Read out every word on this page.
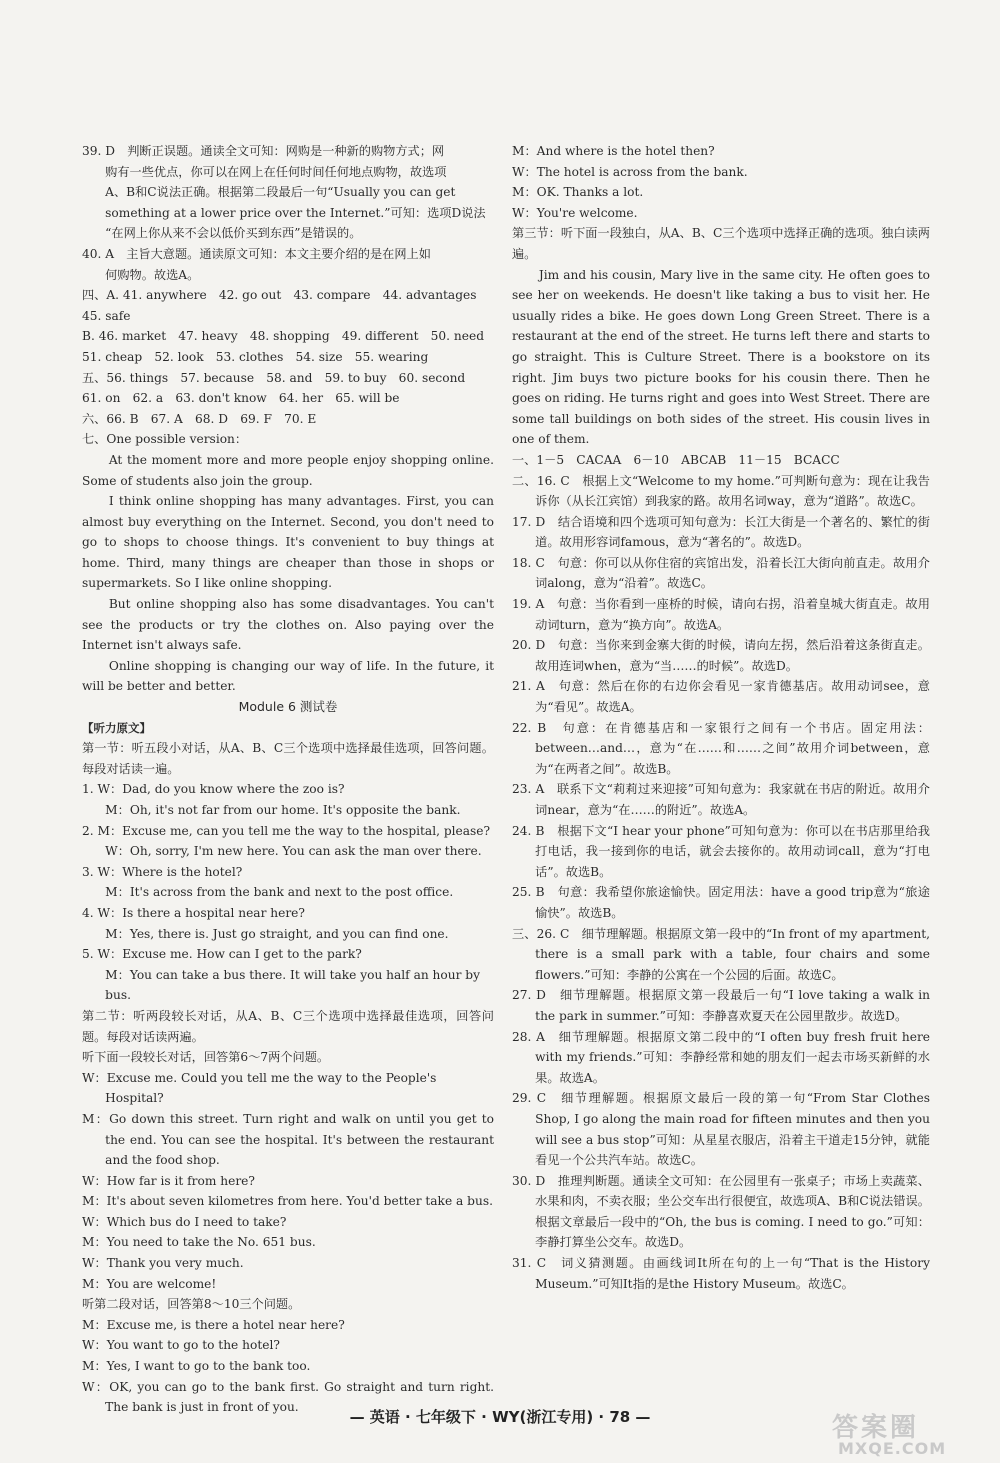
39. D　判断正误题。通读全文可知：网购是一种新的购物方式；网

购有一些优点，你可以在网上在任何时间任何地点购物，故选项

A、B和C说法正确。根据第二段最后一句“Usually you can get

something at a lower price over the Internet.”可知：选项D说法

“在网上你从来不会以低价买到东西”是错误的。

40. A　主旨大意题。通读原文可知：本文主要介绍的是在网上如

何购物。故选A。

四、A. 41. anywhere　42. go out　43. compare　44. advantages

45. safe

B. 46. market　47. heavy　48. shopping　49. different　50. need

51. cheap　52. look　53. clothes　54. size　55. wearing

五、56. things　57. because　58. and　59. to buy　60. second

61. on　62. a　63. don't know　64. her　65. will be

六、66. B　67. A　68. D　69. F　70. E

七、One possible version：

At the moment more and more people enjoy shopping online. Some of students also join the group.

I think online shopping has many advantages. First, you can almost buy everything on the Internet. Second, you don't need to go to shops to choose things. It's convenient to buy things at home. Third, many things are cheaper than those in shops or supermarkets. So I like online shopping.

But online shopping also has some disadvantages. You can't see the products or try the clothes on. Also paying over the Internet isn't always safe.

Online shopping is changing our way of life. In the future, it will be better and better.

Module 6 测试卷

【听力原文】

第一节：听五段小对话，从A、B、C三个选项中选择最佳选项，回答问题。每段对话读一遍。

1. W：Dad, do you know where the zoo is?

M：Oh, it's not far from our home. It's opposite the bank.

2. M：Excuse me, can you tell me the way to the hospital, please?

W：Oh, sorry, I'm new here. You can ask the man over there.

3. W：Where is the hotel?

M：It's across from the bank and next to the post office.

4. W：Is there a hospital near here?

M：Yes, there is. Just go straight, and you can find one.

5. W：Excuse me. How can I get to the park?

M：You can take a bus there. It will take you half an hour by bus.

第二节：听两段较长对话，从A、B、C三个选项中选择最佳选项，回答问题。每段对话读两遍。

听下面一段较长对话，回答第6～7两个问题。

W：Excuse me. Could you tell me the way to the People's Hospital?

M：Go down this street. Turn right and walk on until you get to the end. You can see the hospital. It's between the restaurant and the food shop.

W：How far is it from here?

M：It's about seven kilometres from here. You'd better take a bus.

W：Which bus do I need to take?

M：You need to take the No. 651 bus.

W：Thank you very much.

M：You are welcome!

听第二段对话，回答第8～10三个问题。

M：Excuse me, is there a hotel near here?

W：You want to go to the hotel?

M：Yes, I want to go to the bank too.

W：OK, you can go to the bank first. Go straight and turn right. The bank is just in front of you.

M：And where is the hotel then?

W：The hotel is across from the bank.

M：OK. Thanks a lot.

W：You're welcome.

第三节：听下面一段独白，从A、B、C三个选项中选择正确的选项。独白读两遍。

Jim and his cousin, Mary live in the same city. He often goes to see her on weekends. He doesn't like taking a bus to visit her. He usually rides a bike. He goes down Long Green Street. There is a restaurant at the end of the street. He turns left there and starts to go straight. This is Culture Street. There is a bookstore on its right. Jim buys two picture books for his cousin there. Then he goes on riding. He turns right and goes into West Street. There are some tall buildings on both sides of the street. His cousin lives in one of them.

一、1－5　CACAA　6－10　ABCAB　11－15　BCACC

二、16. C　根据上文“Welcome to my home.”可判断句意为：现在让我告诉你（从长江宾馆）到我家的路。故用名词way，意为“道路”。故选C。

17. D　结合语境和四个选项可知句意为：长江大街是一个著名的、繁忙的街道。故用形容词famous，意为“著名的”。故选D。

18. C　句意：你可以从你住宿的宾馆出发，沿着长江大街向前直走。故用介词along，意为“沿着”。故选C。

19. A　句意：当你看到一座桥的时候，请向右拐，沿着皇城大街直走。故用动词turn，意为“换方向”。故选A。

20. D　句意：当你来到金寨大街的时候，请向左拐，然后沿着这条街直走。故用连词when，意为“当……的时候”。故选D。

21. A　句意：然后在你的右边你会看见一家肯德基店。故用动词see，意为“看见”。故选A。

22. B　句意：在肯德基店和一家银行之间有一个书店。固定用法：between…and…，意为“在……和……之间”故用介词between，意为“在两者之间”。故选B。

23. A　联系下文“莉莉过来迎接”可知句意为：我家就在书店的附近。故用介词near，意为“在……的附近”。故选A。

24. B　根据下文“I hear your phone”可知句意为：你可以在书店那里给我打电话，我一接到你的电话，就会去接你的。故用动词call，意为“打电话”。故选B。

25. B　句意：我希望你旅途愉快。固定用法：have a good trip意为“旅途愉快”。故选B。

三、26. C　细节理解题。根据原文第一段中的“In front of my apartment, there is a small park with a table, four chairs and some flowers.”可知：李静的公寓在一个公园的后面。故选C。

27. D　细节理解题。根据原文第一段最后一句“I love taking a walk in the park in summer.”可知：李静喜欢夏天在公园里散步。故选D。

28. A　细节理解题。根据原文第二段中的“I often buy fresh fruit here with my friends.”可知：李静经常和她的朋友们一起去市场买新鲜的水果。故选A。

29. C　细节理解题。根据原文最后一段的第一句“From Star Clothes Shop, I go along the main road for fifteen minutes and then you will see a bus stop”可知：从星星衣服店，沿着主干道走15分钟，就能看见一个公共汽车站。故选C。

30. D　推理判断题。通读全文可知：在公园里有一张桌子；市场上卖蔬菜、水果和肉，不卖衣服；坐公交车出行很便宜，故选项A、B和C说法错误。根据文章最后一段中的“Oh, the bus is coming. I need to go.”可知：李静打算坐公交车。故选D。

31. C　词义猜测题。由画线词It所在句的上一句“That is the History Museum.”可知It指的是the History Museum。故选C。

— 英语 · 七年级下 · WY(浙江专用) · 78 —	答案圈
MXQE.COM
